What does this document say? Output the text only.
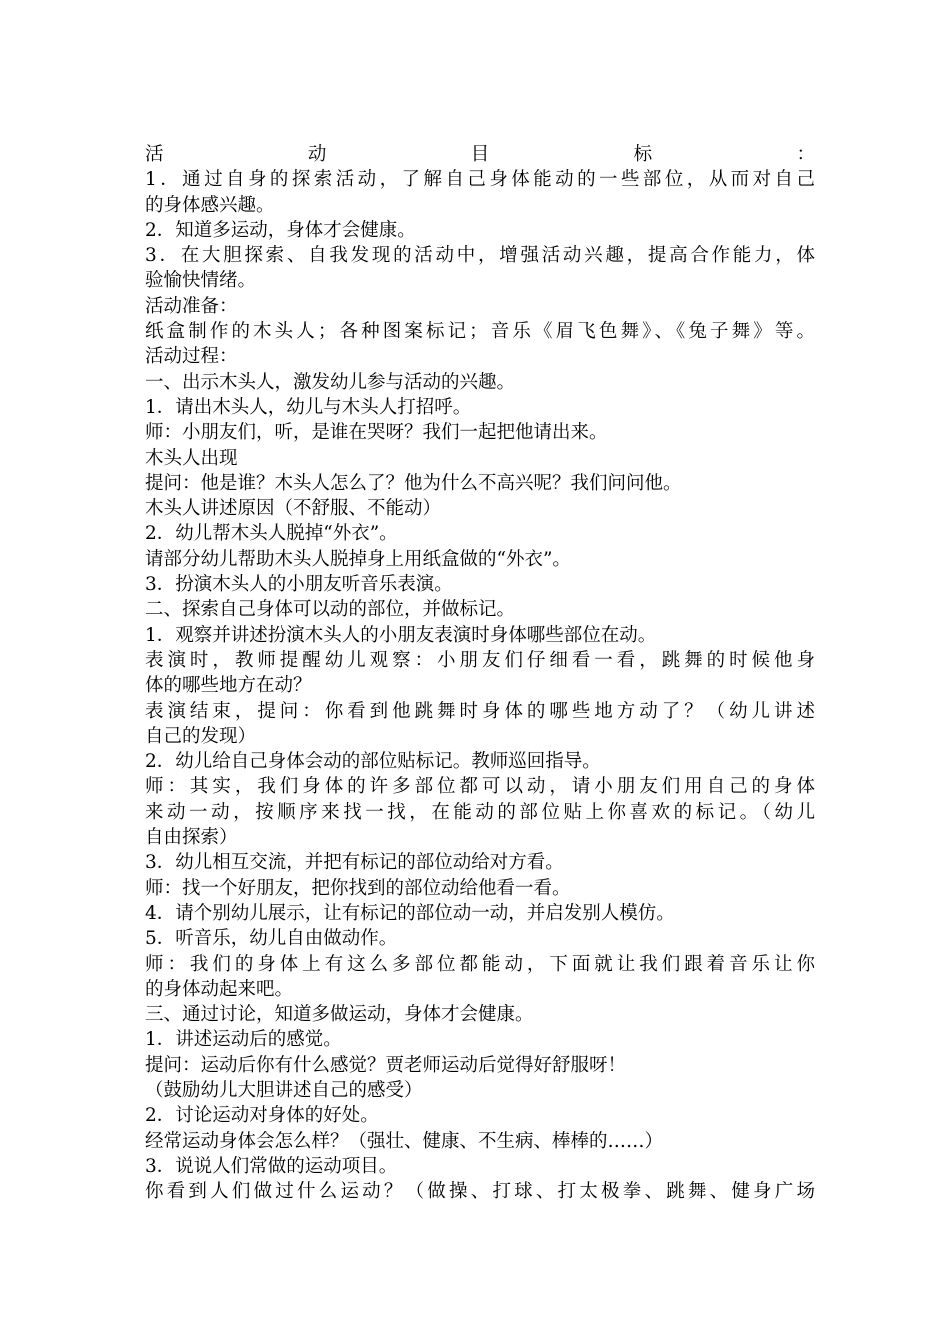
活动目标：
1．通过自身的探索活动，了解自己身体能动的一些部位，从而对自己
的身体感兴趣。
2．知道多运动，身体才会健康。
3．在大胆探索、自我发现的活动中，增强活动兴趣，提高合作能力，体
验愉快情绪。
活动准备：
纸盒制作的木头人；各种图案标记；音乐《眉飞色舞》、《兔子舞》等。
活动过程：
一、出示木头人，激发幼儿参与活动的兴趣。
1．请出木头人，幼儿与木头人打招呼。
师：小朋友们，听，是谁在哭呀？我们一起把他请出来。
木头人出现
提问：他是谁？木头人怎么了？他为什么不高兴呢？我们问问他。
木头人讲述原因（不舒服、不能动）
2．幼儿帮木头人脱掉“外衣”。
请部分幼儿帮助木头人脱掉身上用纸盒做的“外衣”。
3．扮演木头人的小朋友听音乐表演。
二、探索自己身体可以动的部位，并做标记。
1．观察并讲述扮演木头人的小朋友表演时身体哪些部位在动。
表演时，教师提醒幼儿观察：小朋友们仔细看一看，跳舞的时候他身
体的哪些地方在动？
表演结束，提问：你看到他跳舞时身体的哪些地方动了？（幼儿讲述
自己的发现）
2．幼儿给自己身体会动的部位贴标记。教师巡回指导。
师：其实，我们身体的许多部位都可以动，请小朋友们用自己的身体
来动一动，按顺序来找一找，在能动的部位贴上你喜欢的标记。（幼儿
自由探索）
3．幼儿相互交流，并把有标记的部位动给对方看。
师：找一个好朋友，把你找到的部位动给他看一看。
4．请个别幼儿展示，让有标记的部位动一动，并启发别人模仿。
5．听音乐，幼儿自由做动作。
师：我们的身体上有这么多部位都能动，下面就让我们跟着音乐让你
的身体动起来吧。
三、通过讨论，知道多做运动，身体才会健康。
1．讲述运动后的感觉。
提问：运动后你有什么感觉？贾老师运动后觉得好舒服呀！
（鼓励幼儿大胆讲述自己的感受）
2．讨论运动对身体的好处。
经常运动身体会怎么样？（强壮、健康、不生病、棒棒的……）
3．说说人们常做的运动项目。
你看到人们做过什么运动？（做操、打球、打太极拳、跳舞、健身广场
